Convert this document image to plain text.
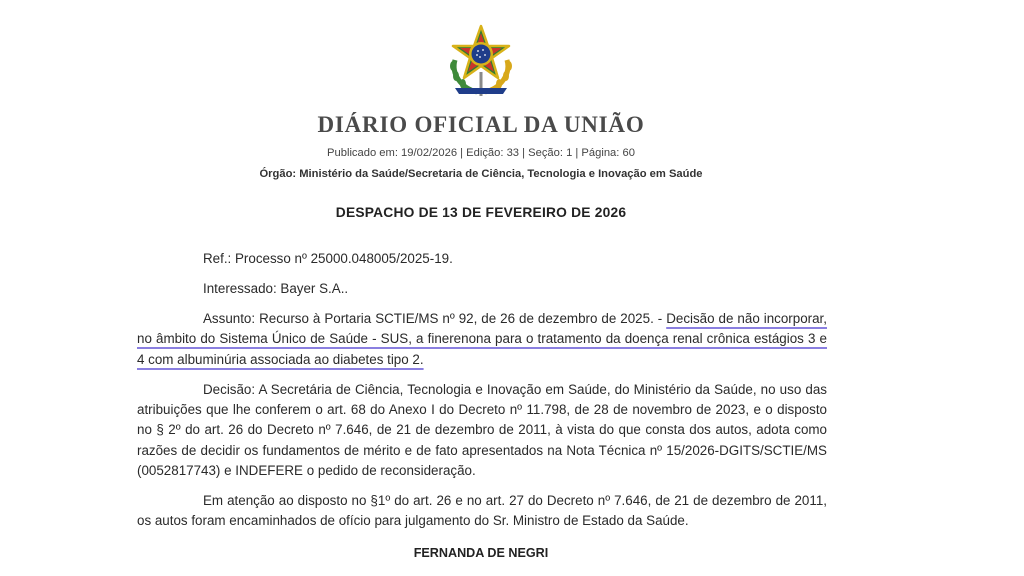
DIÁRIO OFICIAL DA UNIÃO
Publicado em: 19/02/2026 | Edição: 33 | Seção: 1 | Página: 60
Órgão: Ministério da Saúde/Secretaria de Ciência, Tecnologia e Inovação em Saúde
DESPACHO DE 13 DE FEVEREIRO DE 2026

Ref.: Processo nº 25000.048005/2025-19.

Interessado: Bayer S.A..

Assunto: Recurso à Portaria SCTIE/MS nº 92, de 26 de dezembro de 2025. - Decisão de não incorporar, no âmbito do Sistema Único de Saúde - SUS, a finerenona para o tratamento da doença renal crônica estágios 3 e 4 com albuminúria associada ao diabetes tipo 2.

Decisão: A Secretária de Ciência, Tecnologia e Inovação em Saúde, do Ministério da Saúde, no uso das atribuições que lhe conferem o art. 68 do Anexo I do Decreto nº 11.798, de 28 de novembro de 2023, e o disposto no § 2º do art. 26 do Decreto nº 7.646, de 21 de dezembro de 2011, à vista do que consta dos autos, adota como razões de decidir os fundamentos de mérito e de fato apresentados na Nota Técnica nº 15/2026-DGITS/SCTIE/MS (0052817743) e INDEFERE o pedido de reconsideração.

Em atenção ao disposto no §1º do art. 26 e no art. 27 do Decreto nº 7.646, de 21 de dezembro de 2011, os autos foram encaminhados de ofício para julgamento do Sr. Ministro de Estado da Saúde.

FERNANDA DE NEGRI
